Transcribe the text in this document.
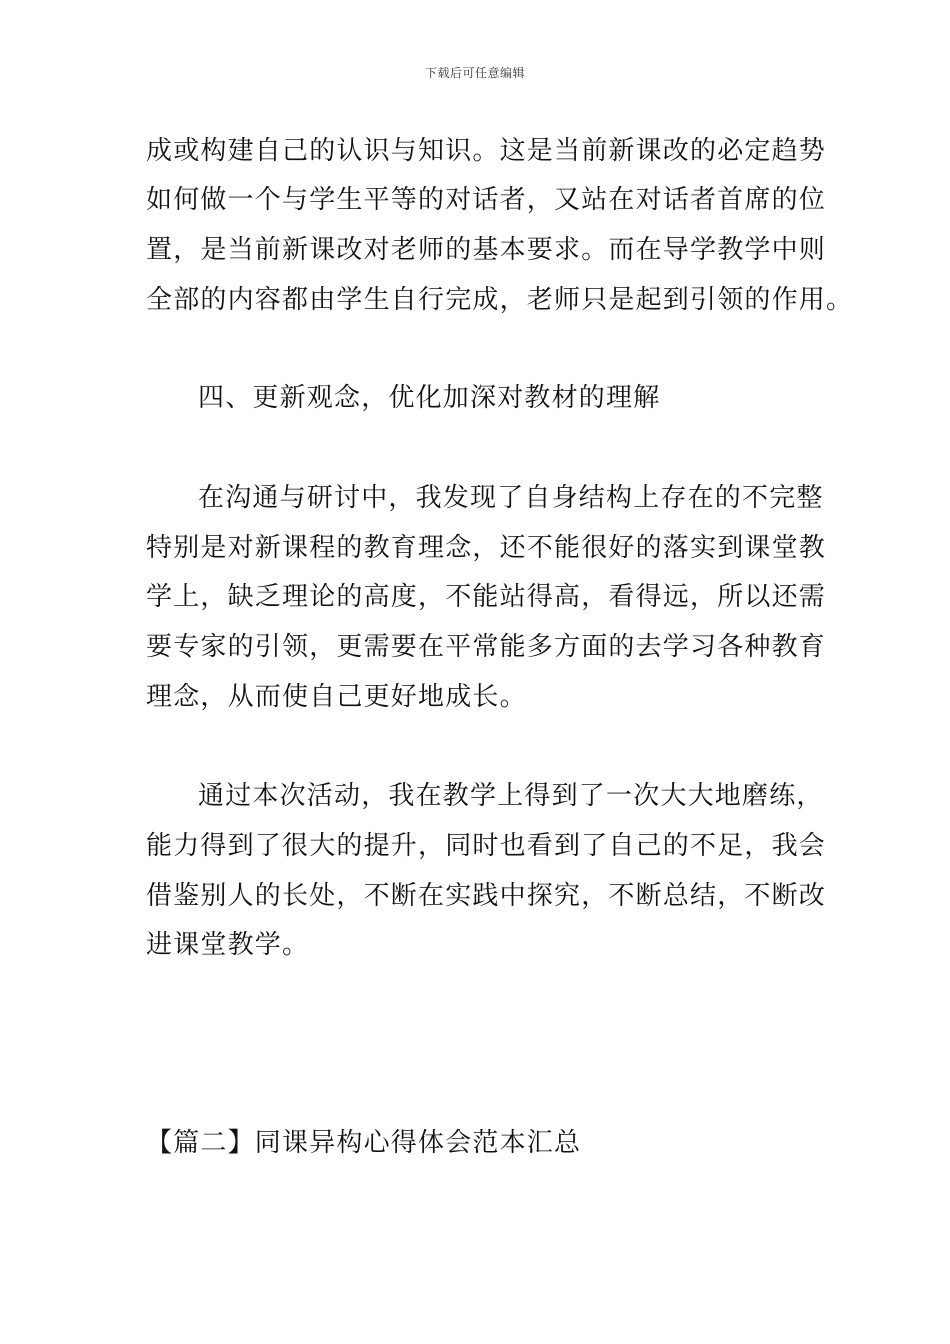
下载后可任意编辑
成或构建自己的认识与知识。这是当前新课改的必定趋势
如何做一个与学生平等的对话者，又站在对话者首席的位
置，是当前新课改对老师的基本要求。而在导学教学中则
全部的内容都由学生自行完成，老师只是起到引领的作用。
四、更新观念，优化加深对教材的理解
在沟通与研讨中，我发现了自身结构上存在的不完整
特别是对新课程的教育理念，还不能很好的落实到课堂教
学上，缺乏理论的高度，不能站得高，看得远，所以还需
要专家的引领，更需要在平常能多方面的去学习各种教育
理念，从而使自己更好地成长。
通过本次活动，我在教学上得到了一次大大地磨练，
能力得到了很大的提升，同时也看到了自己的不足，我会
借鉴别人的长处，不断在实践中探究，不断总结，不断改
进课堂教学。
【篇二】同课异构心得体会范本汇总
